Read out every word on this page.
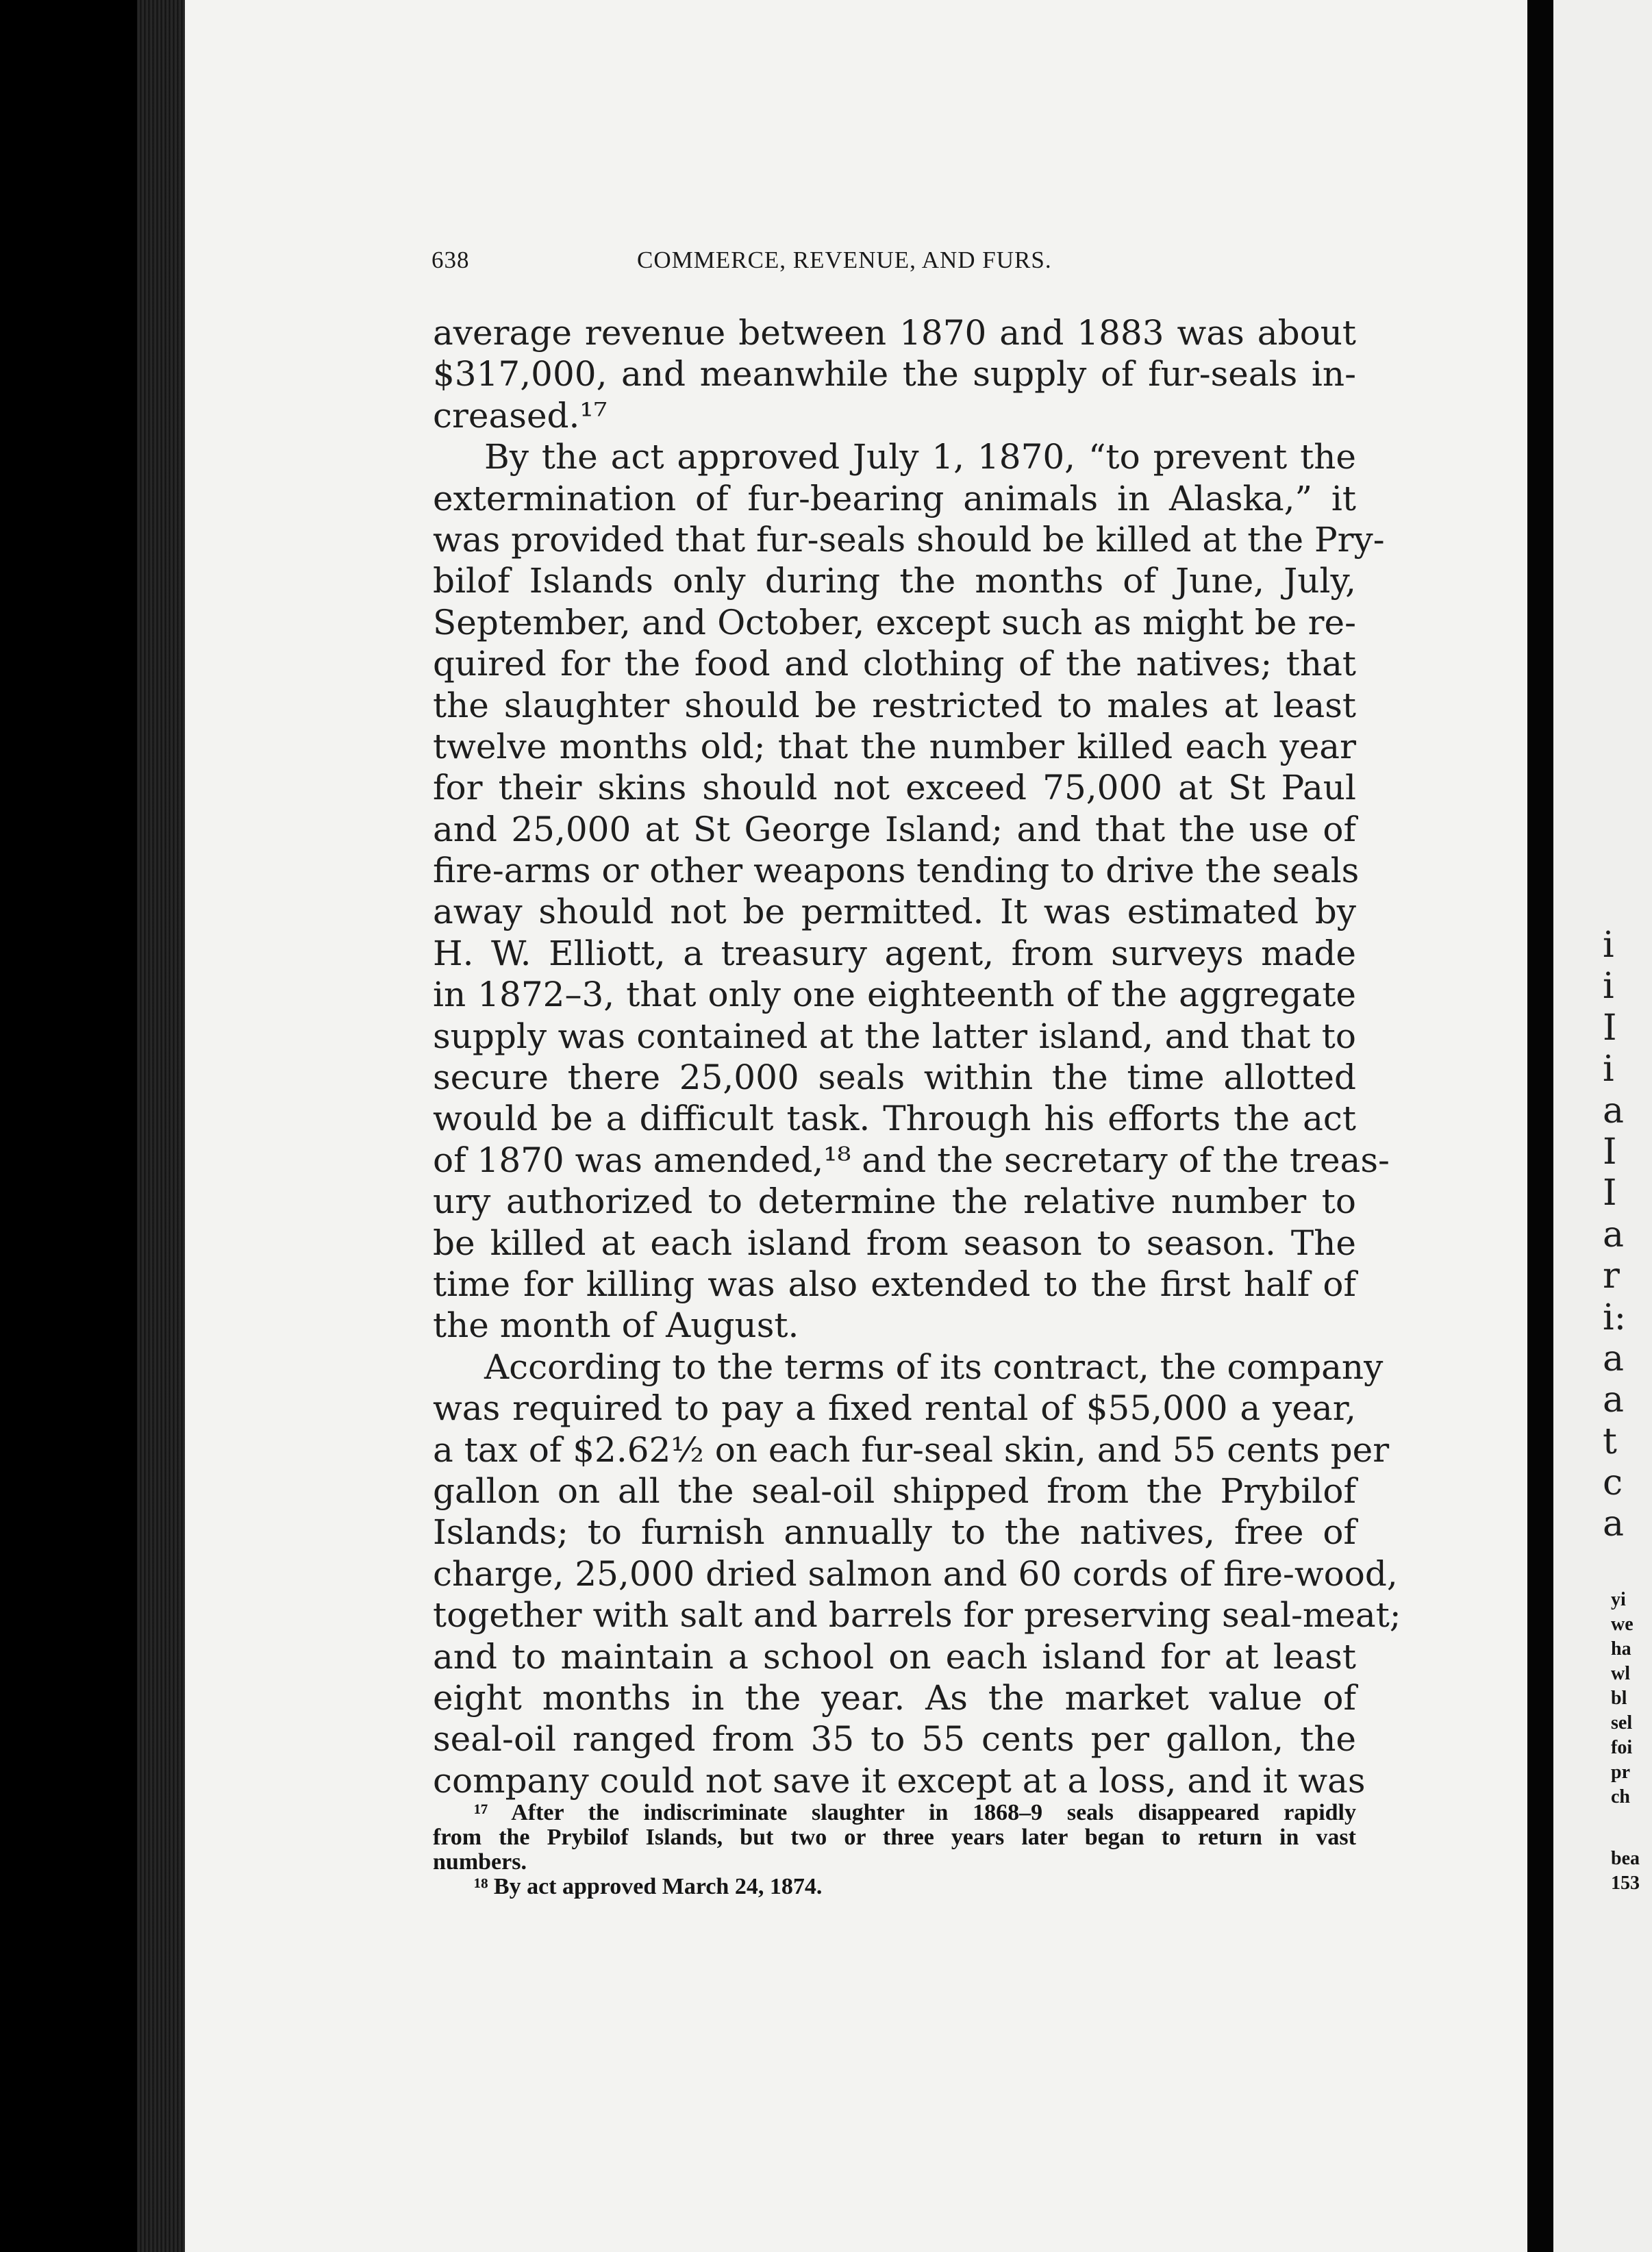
638	COMMERCE, REVENUE, AND FURS.
average revenue between 1870 and 1883 was about
$317,000, and meanwhile the supply of fur-seals in-
creased.¹⁷
By the act approved July 1, 1870, “to prevent the
extermination of fur-bearing animals in Alaska,” it
was provided that fur-seals should be killed at the Pry-
bilof Islands only during the months of June, July,
September, and October, except such as might be re-
quired for the food and clothing of the natives; that
the slaughter should be restricted to males at least
twelve months old; that the number killed each year
for their skins should not exceed 75,000 at St Paul
and 25,000 at St George Island; and that the use of
fire-arms or other weapons tending to drive the seals
away should not be permitted. It was estimated by
H. W. Elliott, a treasury agent, from surveys made
in 1872–3, that only one eighteenth of the aggregate
supply was contained at the latter island, and that to
secure there 25,000 seals within the time allotted
would be a difficult task. Through his efforts the act
of 1870 was amended,¹⁸ and the secretary of the treas-
ury authorized to determine the relative number to
be killed at each island from season to season. The
time for killing was also extended to the first half of
the month of August.
According to the terms of its contract, the company
was required to pay a fixed rental of $55,000 a year,
a tax of $2.62½ on each fur-seal skin, and 55 cents per
gallon on all the seal-oil shipped from the Prybilof
Islands; to furnish annually to the natives, free of
charge, 25,000 dried salmon and 60 cords of fire-wood,
together with salt and barrels for preserving seal-meat;
and to maintain a school on each island for at least
eight months in the year. As the market value of
seal-oil ranged from 35 to 55 cents per gallon, the
company could not save it except at a loss, and it was
¹⁷ After the indiscriminate slaughter in 1868–9 seals disappeared rapidly
from the Prybilof Islands, but two or three years later began to return in vast
numbers.
¹⁸ By act approved March 24, 1874.
i
i
I
i
a
I
I
a
r
i:
a
a
t
c
a
yi
we
ha
wl
bl
sel
foi
pr
ch
bea
153
